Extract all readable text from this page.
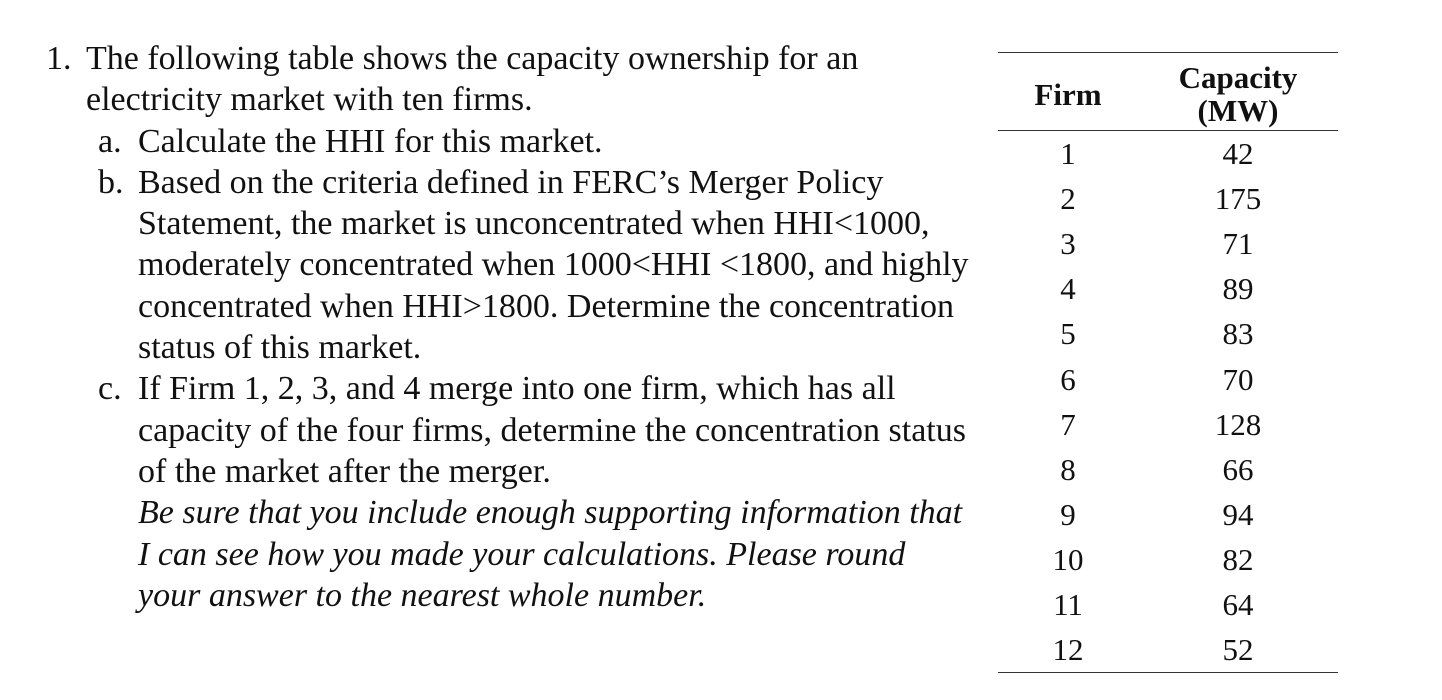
1. The following table shows the capacity ownership for an electricity market with ten firms.
a. Calculate the HHI for this market.
b. Based on the criteria defined in FERC’s Merger Policy Statement, the market is unconcentrated when HHI<1000, moderately concentrated when 1000<HHI <1800, and highly concentrated when HHI>1800. Determine the concentration status of this market.
c. If Firm 1, 2, 3, and 4 merge into one firm, which has all capacity of the four firms, determine the concentration status of the market after the merger.
Be sure that you include enough supporting information that I can see how you made your calculations. Please round your answer to the nearest whole number.
Firm	Capacity
(MW)
1	42
2	175
3	71
4	89
5	83
6	70
7	128
8	66
9	94
10	82
11	64
12	52
